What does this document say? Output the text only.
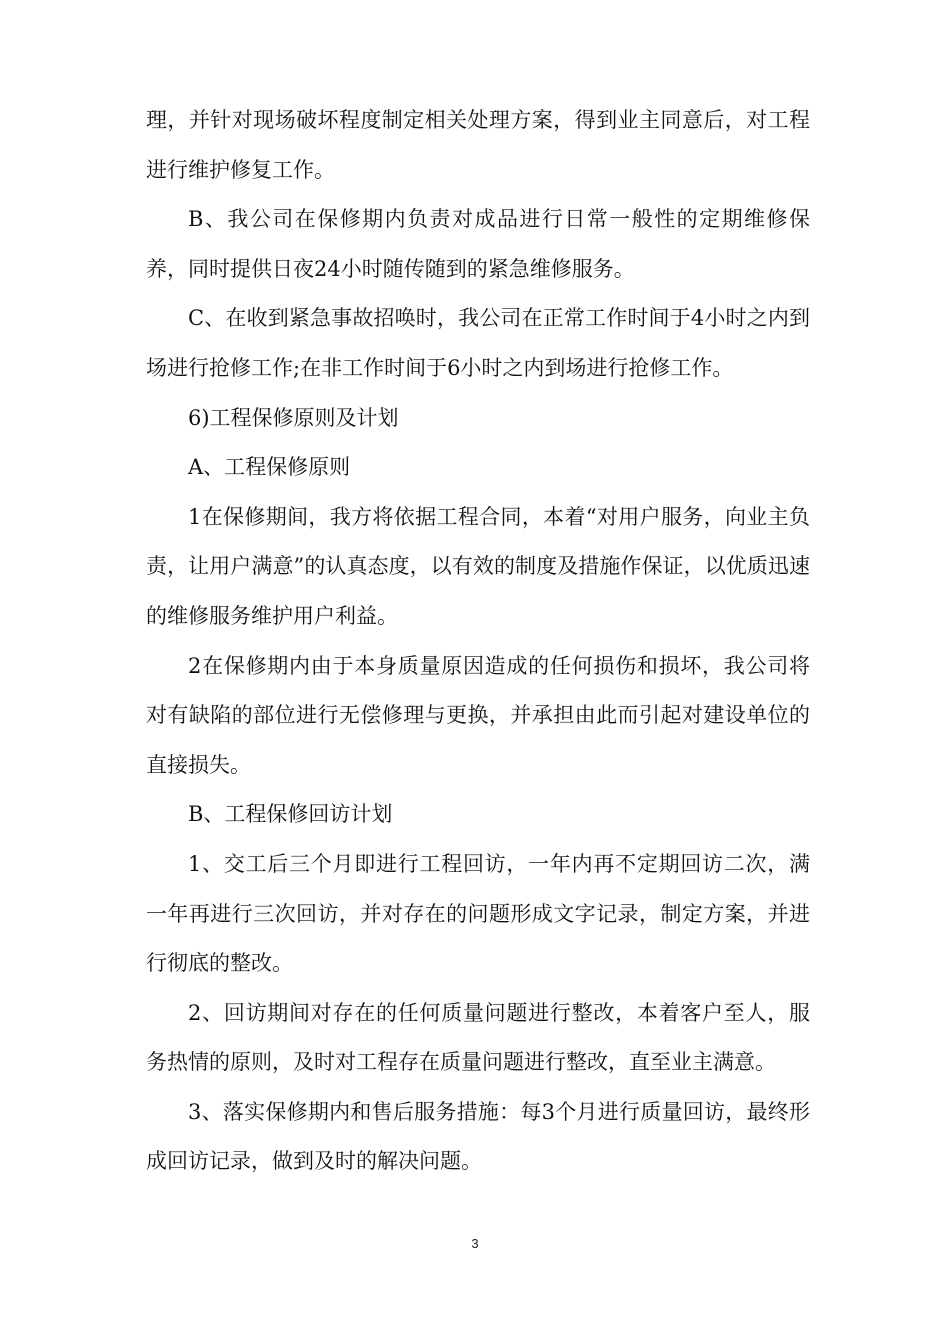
理，并针对现场破坏程度制定相关处理方案，得到业主同意后，对工程进行维护修复工作。

B、我公司在保修期内负责对成品进行日常一般性的定期维修保养，同时提供日夜24小时随传随到的紧急维修服务。

C、在收到紧急事故招唤时，我公司在正常工作时间于4小时之内到场进行抢修工作;在非工作时间于6小时之内到场进行抢修工作。

6)工程保修原则及计划

A、工程保修原则

1在保修期间，我方将依据工程合同，本着“对用户服务，向业主负责，让用户满意”的认真态度，以有效的制度及措施作保证，以优质迅速的维修服务维护用户利益。

2在保修期内由于本身质量原因造成的任何损伤和损坏，我公司将对有缺陷的部位进行无偿修理与更换，并承担由此而引起对建设单位的直接损失。

B、工程保修回访计划

1、交工后三个月即进行工程回访，一年内再不定期回访二次，满一年再进行三次回访，并对存在的问题形成文字记录，制定方案，并进行彻底的整改。

2、回访期间对存在的任何质量问题进行整改，本着客户至人，服务热情的原则，及时对工程存在质量问题进行整改，直至业主满意。

3、落实保修期内和售后服务措施：每3个月进行质量回访，最终形成回访记录，做到及时的解决问题。

3
